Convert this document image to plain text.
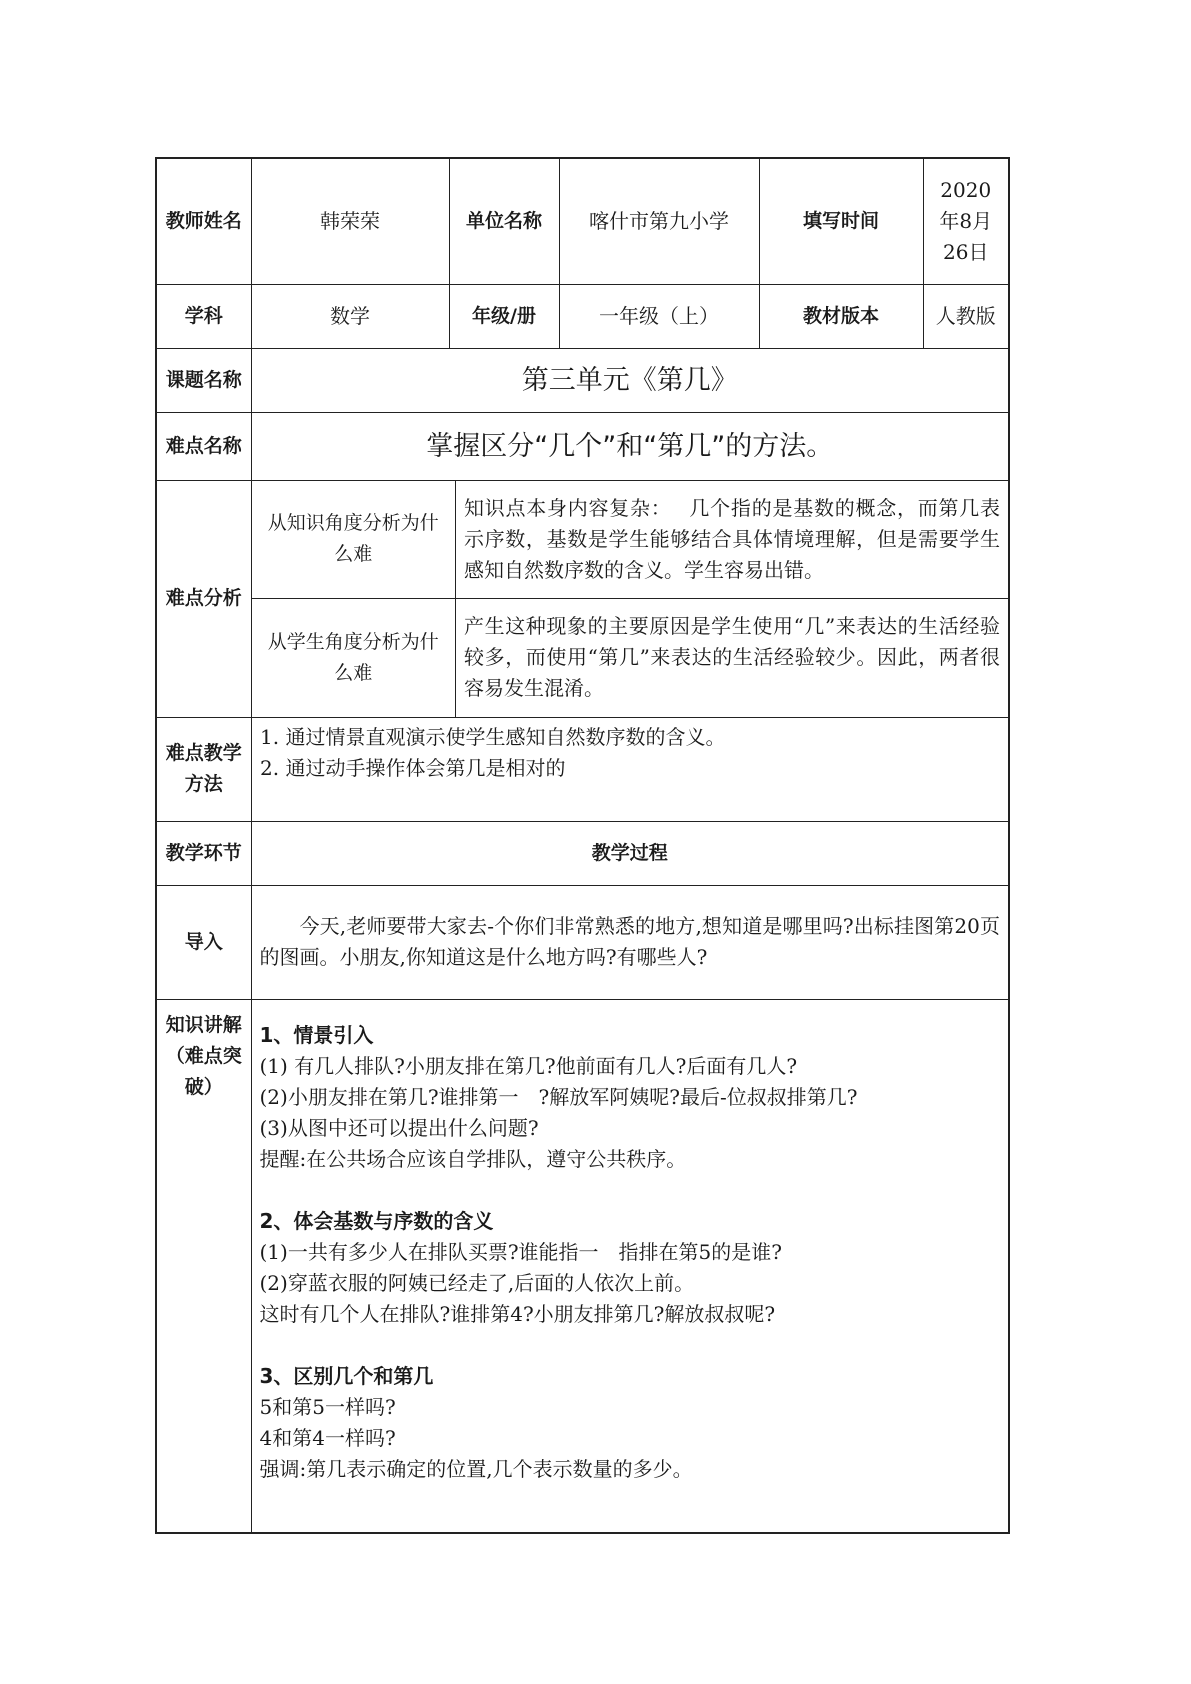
教师姓名	韩荣荣	单位名称	喀什市第九小学	填写时间	2020年8月26日
学科	数学	年级/册	一年级（上）	教材版本	人教版
课题名称	第三单元《第几》
难点名称	掌握区分“几个”和“第几”的方法。
难点分析	
从知识角度分析为什么难	知识点本身内容复杂：　 几个指的是基数的概念，而第几表示序数，基数是学生能够结合具体情境理解，但是需要学生感知自然数序数的含义。学生容易出错。
从学生角度分析为什么难	产生这种现象的主要原因是学生使用“几”来表达的生活经验较多，而使用“第几”来表达的生活经验较少。因此，两者很容易发生混淆。

难点教学方法	
1. 通过情景直观演示使学生感知自然数序数的含义。
2. 通过动手操作体会第几是相对的

教学环节	教学过程
导入	今天,老师要带大家去-个你们非常熟悉的地方,想知道是哪里吗?出标挂图第20页的图画。小朋友,你知道这是什么地方吗?有哪些人?
知识讲解（难点突破）	
1、情景引入
(1) 有几人排队?小朋友排在第几?他前面有几人?后面有几人?
(2)小朋友排在第几?谁排第一　?解放军阿姨呢?最后-位叔叔排第几?
(3)从图中还可以提出什么问题?
提醒:在公共场合应该自学排队，遵守公共秩序。
2、体会基数与序数的含义
(1)一共有多少人在排队买票?谁能指一　指排在第5的是谁?
(2)穿蓝衣服的阿姨已经走了,后面的人依次上前。
这时有几个人在排队?谁排第4?小朋友排第几?解放叔叔呢?
3、区别几个和第几
5和第5一样吗?
4和第4一样吗?
强调:第几表示确定的位置,几个表示数量的多少。
